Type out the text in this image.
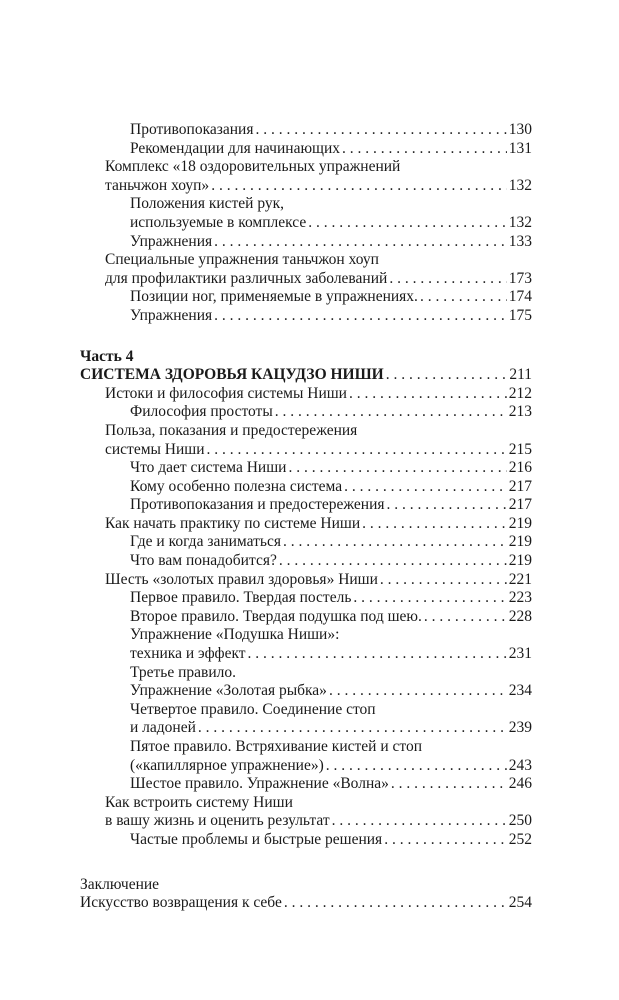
Противопоказания . . .	130
Рекомендации для начинающих . . .	131
Комплекс «18 оздоровительных упражнений
таньчжон хоуп» . . .	132
Положения кистей рук,
используемые в комплексе . . .	132
Упражнения . . .	133
Специальные упражнения таньчжон хоуп
для профилактики различных заболеваний . . .	173
Позиции ног, применяемые в упражнениях. . . .	174
Упражнения . . .	175
Часть 4
СИСТЕМА ЗДОРОВЬЯ КАЦУДЗО НИШИ . . .	211
Истоки и философия системы Ниши . . .	212
Философия простоты . . .	213
Польза, показания и предостережения
системы Ниши . . .	215
Что дает система Ниши . . .	216
Кому особенно полезна система . . .	217
Противопоказания и предостережения . . .	217
Как начать практику по системе Ниши . . .	219
Где и когда заниматься . . .	219
Что вам понадобится? . . .	219
Шесть «золотых правил здоровья» Ниши . . .	221
Первое правило. Твердая постель . . .	223
Второе правило. Твердая подушка под шею. . . .	228
Упражнение «Подушка Ниши»:
техника и эффект . . .	231
Третье правило.
Упражнение «Золотая рыбка» . . .	234
Четвертое правило. Соединение стоп
и ладоней . . .	239
Пятое правило. Встряхивание кистей и стоп
(«капиллярное упражнение») . . .	243
Шестое правило. Упражнение «Волна» . . .	246
Как встроить систему Ниши
в вашу жизнь и оценить результат . . .	250
Частые проблемы и быстрые решения . . .	252
Заключение
Искусство возвращения к себе . . .	254
